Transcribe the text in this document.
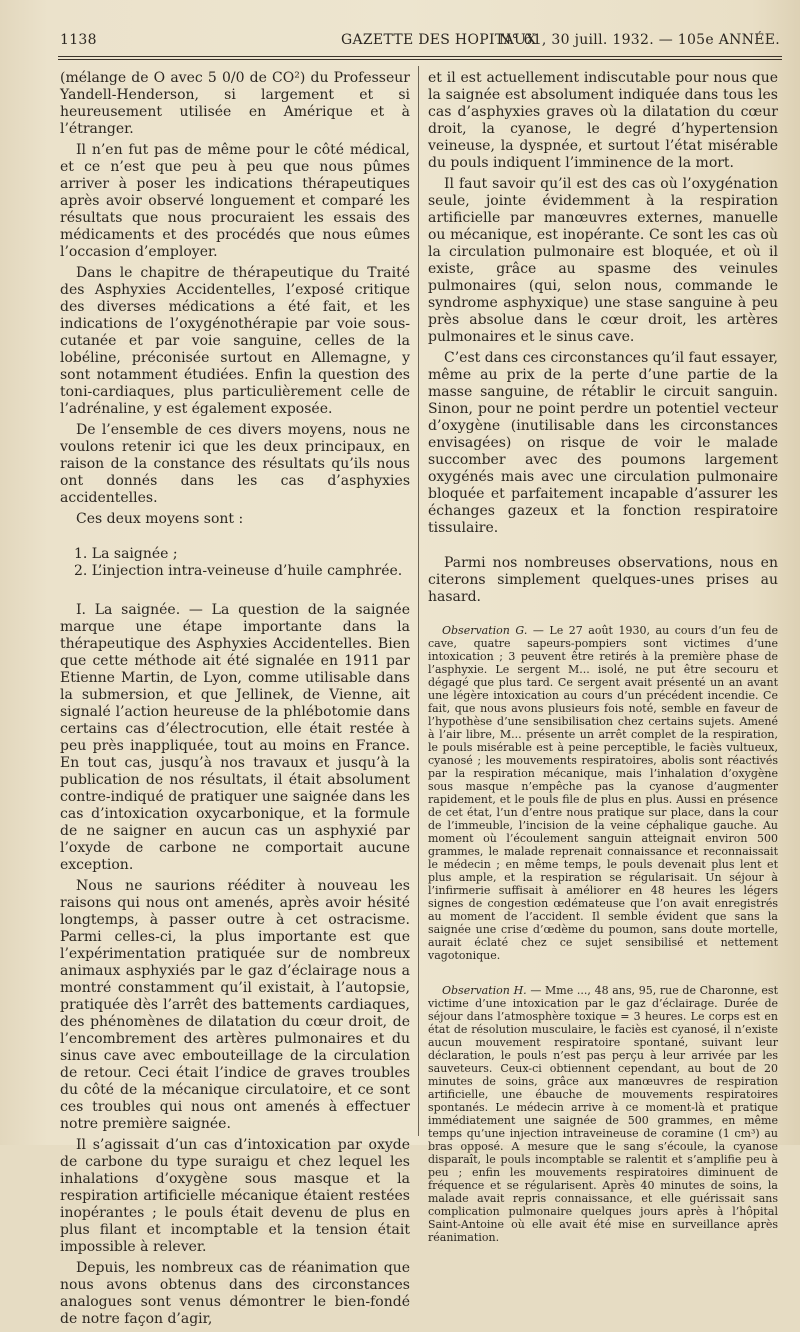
1138	GAZETTE DES HOPITAUX
N° 61, 30 juill. 1932. — 105e ANNÉE.

(mélange de O avec 5 0/0 de CO²) du Professeur Yandell-Henderson, si largement et si heureusement utilisée en Amérique et à l’étranger.

Il n’en fut pas de même pour le côté médical, et ce n’est que peu à peu que nous pûmes arriver à poser les indications thérapeutiques après avoir observé longuement et comparé les résultats que nous procuraient les essais des médicaments et des procédés que nous eûmes l’occasion d’employer.

Dans le chapitre de thérapeutique du Traité des Asphyxies Accidentelles, l’exposé critique des diverses médications a été fait, et les indications de l’oxygénothérapie par voie sous-cutanée et par voie sanguine, celles de la lobéline, préconisée surtout en Allemagne, y sont notamment étudiées. Enfin la question des toni-cardiaques, plus particulièrement celle de l’adrénaline, y est également exposée.

De l’ensemble de ces divers moyens, nous ne voulons retenir ici que les deux principaux, en raison de la constance des résultats qu’ils nous ont donnés dans les cas d’asphyxies accidentelles.

Ces deux moyens sont :

1. La saignée ;

2. L’injection intra-veineuse d’huile camphrée.

I. La saignée. — La question de la saignée marque une étape importante dans la thérapeutique des Asphyxies Accidentelles. Bien que cette méthode ait été signalée en 1911 par Etienne Martin, de Lyon, comme utilisable dans la submersion, et que Jellinek, de Vienne, ait signalé l’action heureuse de la phlébotomie dans certains cas d’électrocution, elle était restée à peu près inappliquée, tout au moins en France. En tout cas, jusqu’à nos travaux et jusqu’à la publication de nos résultats, il était absolument contre-indiqué de pratiquer une saignée dans les cas d’intoxication oxycarbonique, et la formule de ne saigner en aucun cas un asphyxié par l’oxyde de carbone ne comportait aucune exception.

Nous ne saurions rééditer à nouveau les raisons qui nous ont amenés, après avoir hésité longtemps, à passer outre à cet ostracisme. Parmi celles-ci, la plus importante est que l’expérimentation pratiquée sur de nombreux animaux asphyxiés par le gaz d’éclairage nous a montré constamment qu’il existait, à l’autopsie, pratiquée dès l’arrêt des battements cardiaques, des phénomènes de dilatation du cœur droit, de l’encombrement des artères pulmonaires et du sinus cave avec embouteillage de la circulation de retour. Ceci était l’indice de graves troubles du côté de la mécanique circulatoire, et ce sont ces troubles qui nous ont amenés à effectuer notre première saignée.

Il s’agissait d’un cas d’intoxication par oxyde de carbone du type suraigu et chez lequel les inhalations d’oxygène sous masque et la respiration artificielle mécanique étaient restées inopérantes ; le pouls était devenu de plus en plus filant et incomptable et la tension était impossible à relever.

Depuis, les nombreux cas de réanimation que nous avons obtenus dans des circonstances analogues sont venus démontrer le bien-fondé de notre façon d’agir,

et il est actuellement indiscutable pour nous que la saignée est absolument indiquée dans tous les cas d’asphyxies graves où la dilatation du cœur droit, la cyanose, le degré d’hypertension veineuse, la dyspnée, et surtout l’état misérable du pouls indiquent l’imminence de la mort.

Il faut savoir qu’il est des cas où l’oxygénation seule, jointe évidemment à la respiration artificielle par manœuvres externes, manuelle ou mécanique, est inopérante. Ce sont les cas où la circulation pulmonaire est bloquée, et où il existe, grâce au spasme des veinules pulmonaires (qui, selon nous, commande le syndrome asphyxique) une stase sanguine à peu près absolue dans le cœur droit, les artères pulmonaires et le sinus cave.

C’est dans ces circonstances qu’il faut essayer, même au prix de la perte d’une partie de la masse sanguine, de rétablir le circuit sanguin. Sinon, pour ne point perdre un potentiel vecteur d’oxygène (inutilisable dans les circonstances envisagées) on risque de voir le malade succomber avec des poumons largement oxygénés mais avec une circulation pulmonaire bloquée et parfaitement incapable d’assurer les échanges gazeux et la fonction respiratoire tissulaire.

Parmi nos nombreuses observations, nous en citerons simplement quelques-unes prises au hasard.

Observation G. — Le 27 août 1930, au cours d’un feu de cave, quatre sapeurs-pompiers sont victimes d’une intoxication ; 3 peuvent être retirés à la première phase de l’asphyxie. Le sergent M... isolé, ne put être secouru et dégagé que plus tard. Ce sergent avait présenté un an avant une légère intoxication au cours d’un précédent incendie. Ce fait, que nous avons plusieurs fois noté, semble en faveur de l’hypothèse d’une sensibilisation chez certains sujets. Amené à l’air libre, M... présente un arrêt complet de la respiration, le pouls misérable est à peine perceptible, le faciès vultueux, cyanosé ; les mouvements respiratoires, abolis sont réactivés par la respiration mécanique, mais l’inhalation d’oxygène sous masque n’empêche pas la cyanose d’augmenter rapidement, et le pouls file de plus en plus. Aussi en présence de cet état, l’un d’entre nous pratique sur place, dans la cour de l’immeuble, l’incision de la veine céphalique gauche. Au moment où l’écoulement sanguin atteignait environ 500 grammes, le malade reprenait connaissance et reconnaissait le médecin ; en même temps, le pouls devenait plus lent et plus ample, et la respiration se régularisait. Un séjour à l’infirmerie suffisait à améliorer en 48 heures les légers signes de congestion œdémateuse que l’on avait enregistrés au moment de l’accident. Il semble évident que sans la saignée une crise d’œdème du poumon, sans doute mortelle, aurait éclaté chez ce sujet sensibilisé et nettement vagotonique.

Observation H. — Mme ..., 48 ans, 95, rue de Charonne, est victime d’une intoxication par le gaz d’éclairage. Durée de séjour dans l’atmosphère toxique = 3 heures. Le corps est en état de résolution musculaire, le faciès est cyanosé, il n’existe aucun mouvement respiratoire spontané, suivant leur déclaration, le pouls n’est pas perçu à leur arrivée par les sauveteurs. Ceux-ci obtiennent cependant, au bout de 20 minutes de soins, grâce aux manœuvres de respiration artificielle, une ébauche de mouvements respiratoires spontanés. Le médecin arrive à ce moment-là et pratique immédiatement une saignée de 500 grammes, en même temps qu’une injection intraveineuse de coramine (1 cm³) au bras opposé. A mesure que le sang s’écoule, la cyanose disparaît, le pouls incomptable se ralentit et s’amplifie peu à peu ; enfin les mouvements respiratoires diminuent de fréquence et se régularisent. Après 40 minutes de soins, la malade avait repris connaissance, et elle guérissait sans complication pulmonaire quelques jours après à l’hôpital Saint-Antoine où elle avait été mise en surveillance après réanimation.
